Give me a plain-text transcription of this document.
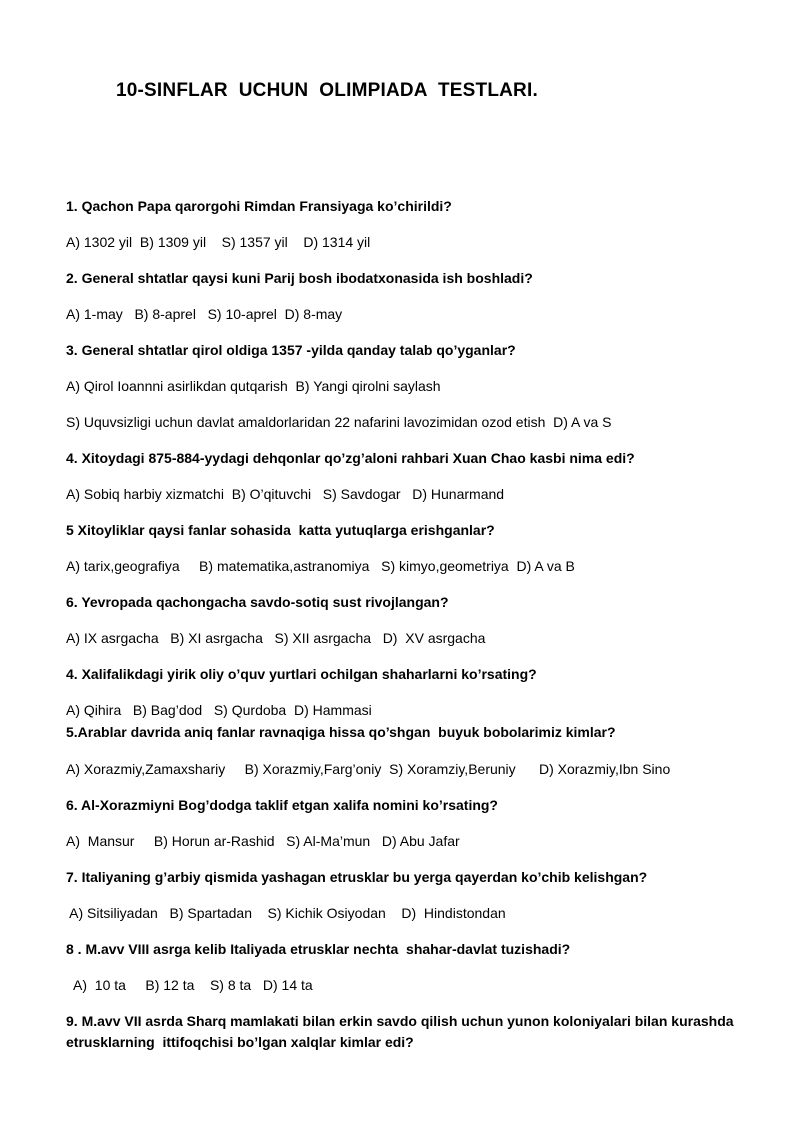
10-SINFLAR  UCHUN  OLIMPIADA  TESTLARI.
1. Qachon Papa qarorgohi Rimdan Fransiyaga ko’chirildi?
A) 1302 yil  B) 1309 yil    S) 1357 yil    D) 1314 yil
2. General shtatlar qaysi kuni Parij bosh ibodatxonasida ish boshladi?
A) 1-may   B) 8-aprel   S) 10-aprel  D) 8-may
3. General shtatlar qirol oldiga 1357 -yilda qanday talab qo’yganlar?
A) Qirol Ioannni asirlikdan qutqarish  B) Yangi qirolni saylash
S) Uquvsizligi uchun davlat amaldorlaridan 22 nafarini lavozimidan ozod etish  D) A va S
4. Xitoydagi 875-884-yydagi dehqonlar qo’zg’aloni rahbari Xuan Chao kasbi nima edi?
A) Sobiq harbiy xizmatchi  B) O’qituvchi   S) Savdogar   D) Hunarmand
5 Xitoyliklar qaysi fanlar sohasida  katta yutuqlarga erishganlar?
A) tarix,geografiya     B) matematika,astranomiya   S) kimyo,geometriya  D) A va B
6. Yevropada qachongacha savdo-sotiq sust rivojlangan?
A) IX asrgacha   B) XI asrgacha   S) XII asrgacha   D)  XV asrgacha
4. Xalifalikdagi yirik oliy o’quv yurtlari ochilgan shaharlarni ko’rsating?
A) Qihira   B) Bag’dod   S) Qurdoba  D) Hammasi
5.Arablar davrida aniq fanlar ravnaqiga hissa qo’shgan  buyuk bobolarimiz kimlar?
A) Xorazmiy,Zamaxshariy     B) Xorazmiy,Farg’oniy  S) Xoramziy,Beruniy      D) Xorazmiy,Ibn Sino
6. Al-Xorazmiyni Bog’dodga taklif etgan xalifa nomini ko’rsating?
A)  Mansur     B) Horun ar-Rashid   S) Al-Ma’mun   D) Abu Jafar
7. Italiyaning g’arbiy qismida yashagan etrusklar bu yerga qayerdan ko’chib kelishgan?
A) Sitsiliyadan   B) Spartadan    S) Kichik Osiyodan    D)  Hindistondan
8 . M.avv VIII asrga kelib Italiyada etrusklar nechta  shahar-davlat tuzishadi?
A)  10 ta     B) 12 ta    S) 8 ta   D) 14 ta
9. M.avv VII asrda Sharq mamlakati bilan erkin savdo qilish uchun yunon koloniyalari bilan kurashda
etrusklarning  ittifoqchisi bo’lgan xalqlar kimlar edi?
